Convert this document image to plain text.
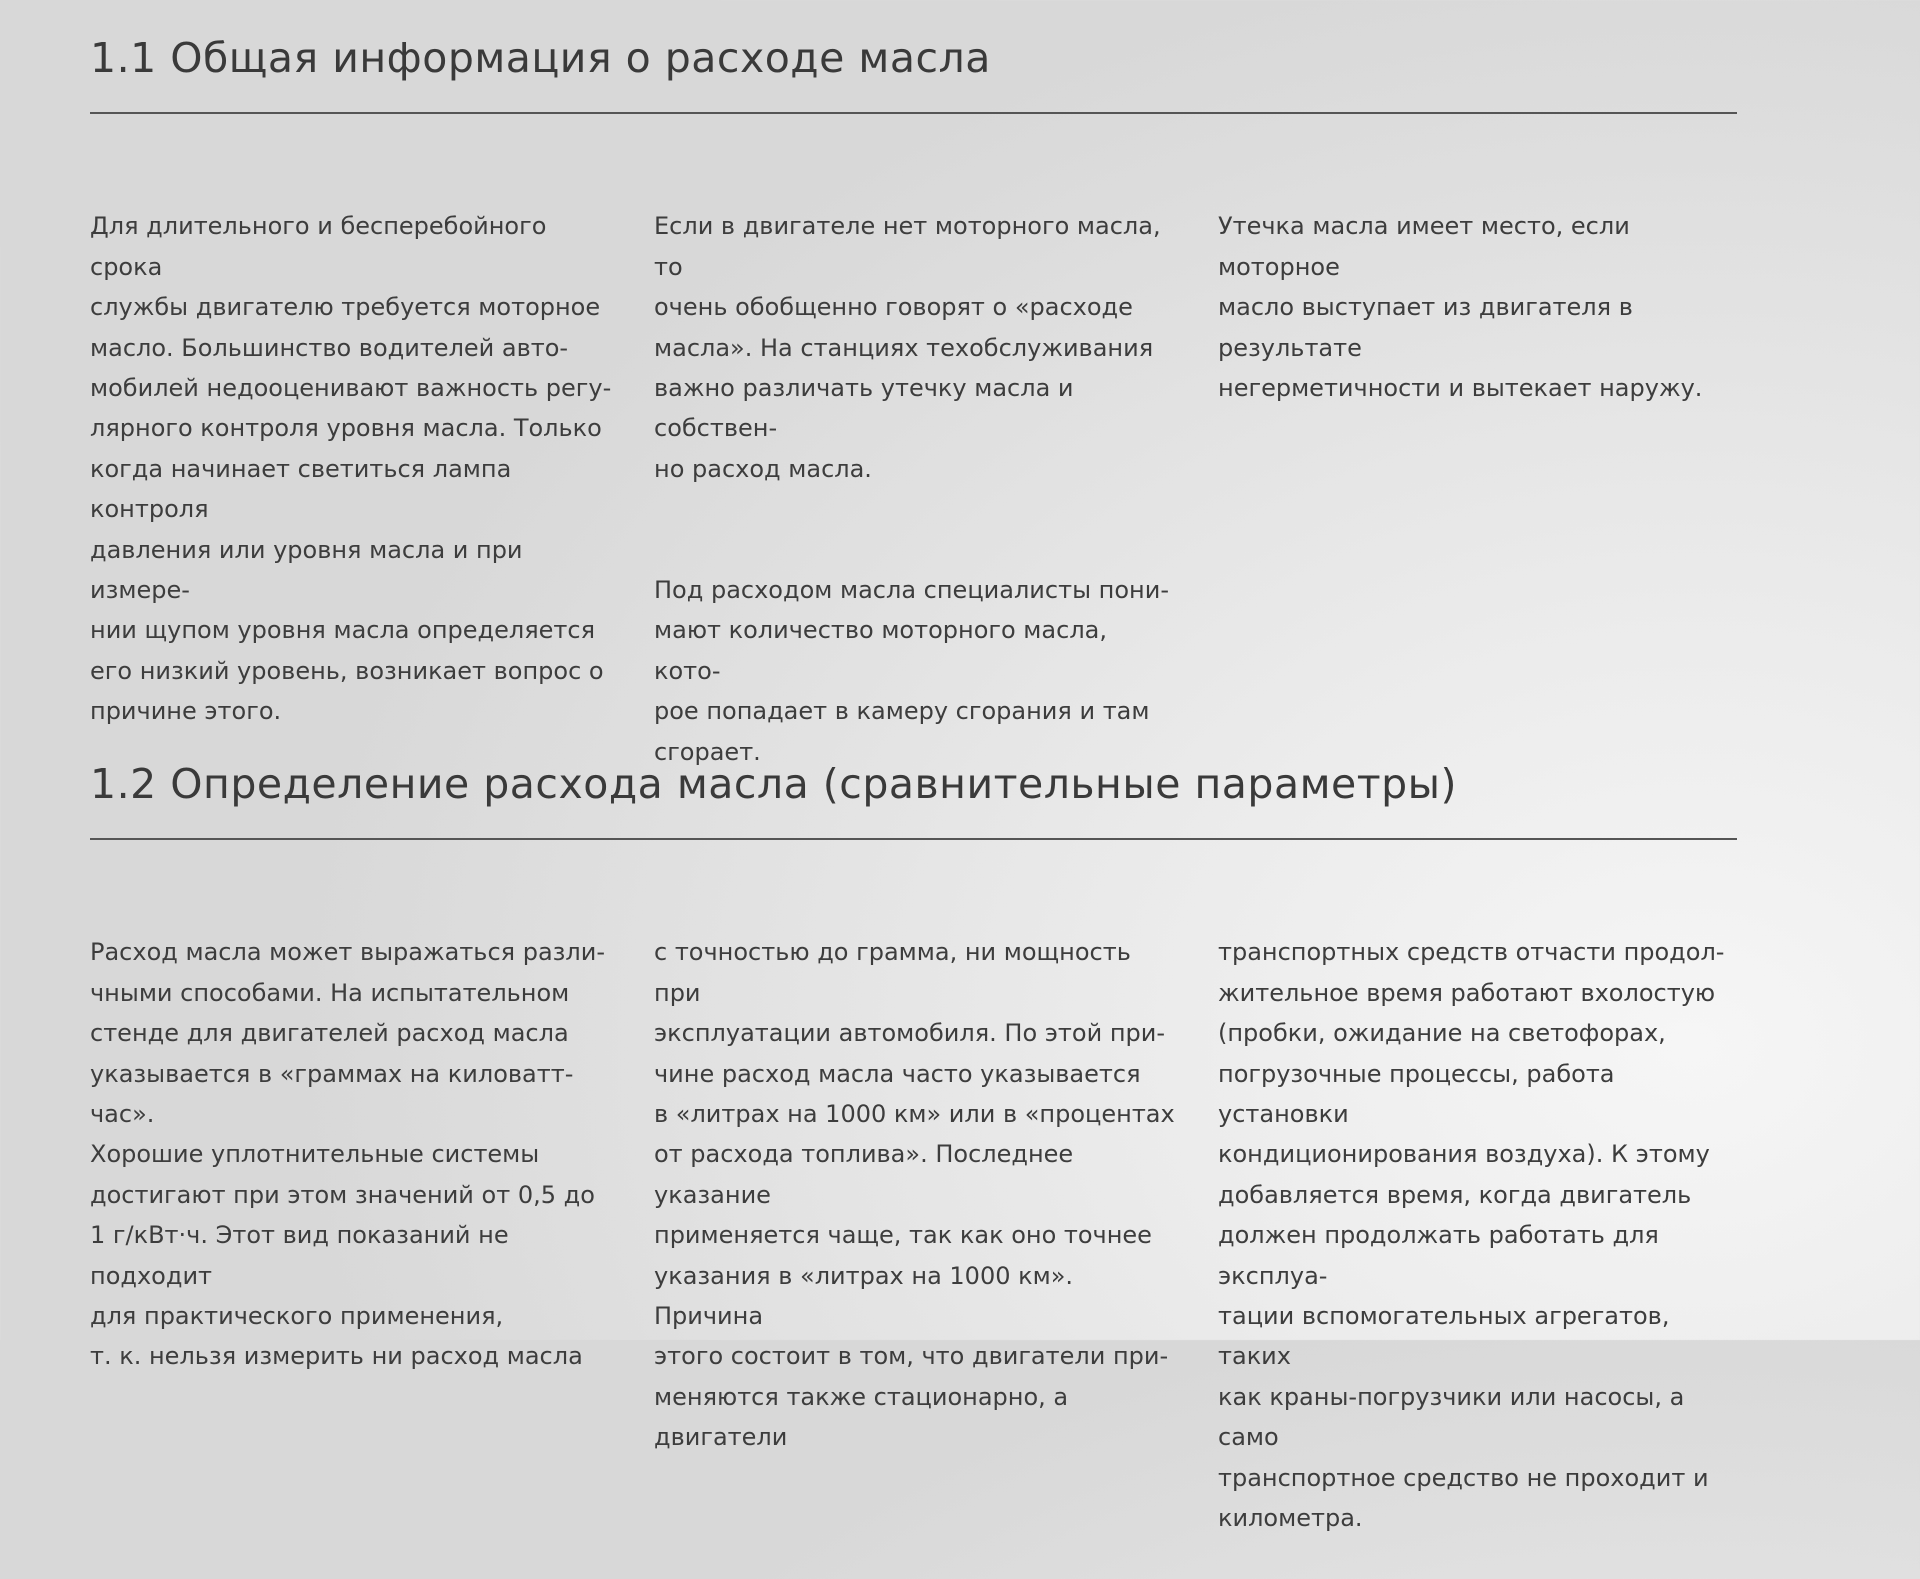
1.1 Общая информация о расходе масла

Для длительного и бесперебойного срока
службы двигателю требуется моторное
масло. Большинство водителей авто-
мобилей недооценивают важность регу-
лярного контроля уровня масла. Только
когда начинает светиться лампа контроля
давления или уровня масла и при измере-
нии щупом уровня масла определяется
его низкий уровень, возникает вопрос о
причине этого.

Если в двигателе нет моторного масла, то
очень обобщенно говорят о «расходе
масла». На станциях техобслуживания
важно различать утечку масла и собствен-
но расход масла.

Под расходом масла специалисты пони-
мают количество моторного масла, кото-
рое попадает в камеру сгорания и там
сгорает.

Утечка масла имеет место, если моторное
масло выступает из двигателя в результате
негерметичности и вытекает наружу.

1.2 Определение расхода масла (сравнительные параметры)

Расход масла может выражаться разли-
чными способами. На испытательном
стенде для двигателей расход масла
указывается в «граммах на киловатт-час».
Хорошие уплотнительные системы
достигают при этом значений от 0,5 до
1 г/кВт·ч. Этот вид показаний не подходит
для практического применения,
т. к. нельзя измерить ни расход масла

с точностью до грамма, ни мощность при
эксплуатации автомобиля. По этой при-
чине расход масла часто указывается
в «литрах на 1000 км» или в «процентах
от расхода топлива». Последнее указание
применяется чаще, так как оно точнее
указания в «литрах на 1000 км». Причина
этого состоит в том, что двигатели при-
меняются также стационарно, а двигатели

транспортных средств отчасти продол-
жительное время работают вхолостую
(пробки, ожидание на светофорах,
погрузочные процессы, работа установки
кондиционирования воздуха). К этому
добавляется время, когда двигатель
должен продолжать работать для эксплуа-
тации вспомогательных агрегатов, таких
как краны-погрузчики или насосы, а само
транспортное средство не проходит и
километра.
